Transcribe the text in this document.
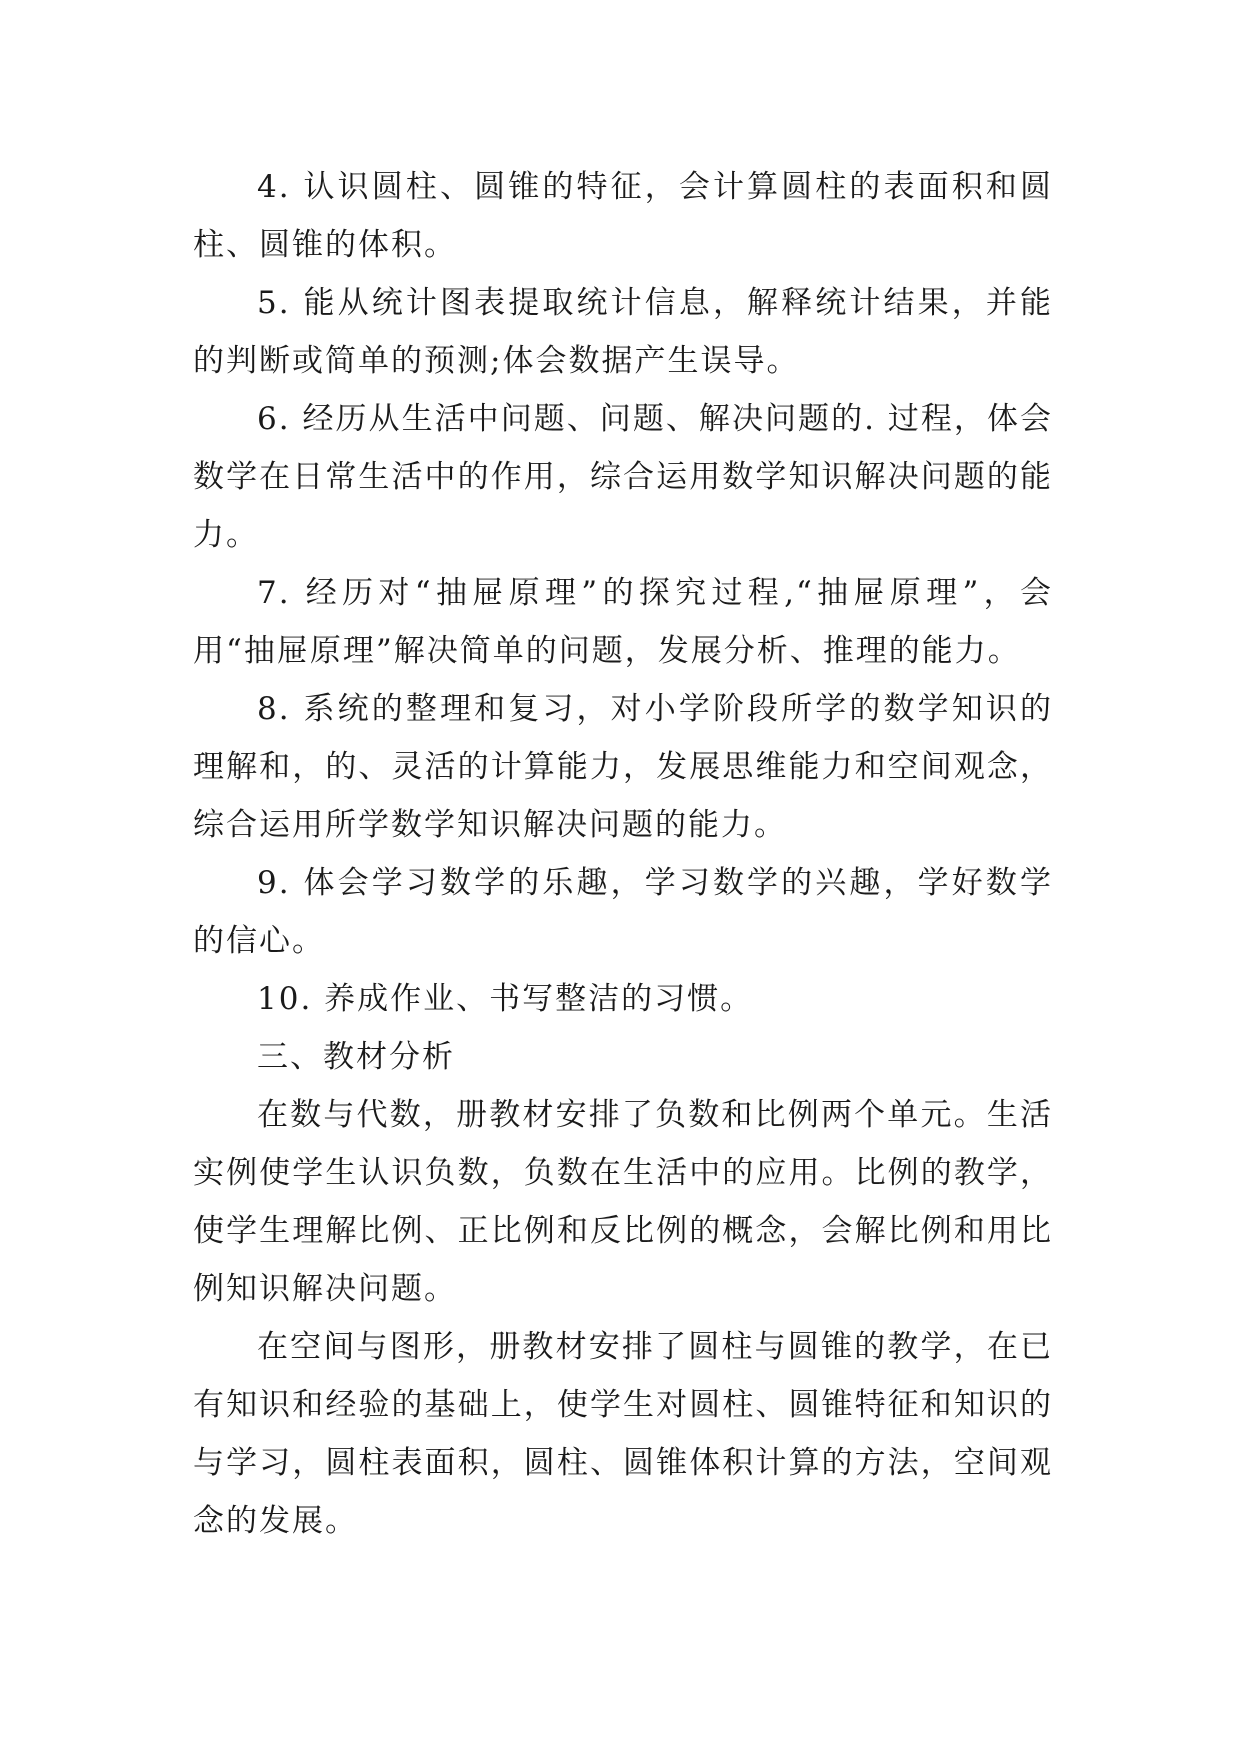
4. 认识圆柱、圆锥的特征，会计算圆柱的表面积和圆柱、圆锥的体积。

5. 能从统计图表提取统计信息，解释统计结果，并能的判断或简单的预测;体会数据产生误导。

6. 经历从生活中问题、问题、解决问题的. 过程，体会数学在日常生活中的作用，综合运用数学知识解决问题的能力。

7. 经历对“抽屉原理”的探究过程,“抽屉原理”，会用“抽屉原理”解决简单的问题，发展分析、推理的能力。

8. 系统的整理和复习，对小学阶段所学的数学知识的理解和，的、灵活的计算能力，发展思维能力和空间观念，综合运用所学数学知识解决问题的能力。

9. 体会学习数学的乐趣，学习数学的兴趣，学好数学的信心。

10. 养成作业、书写整洁的习惯。

三、教材分析

在数与代数，册教材安排了负数和比例两个单元。生活实例使学生认识负数，负数在生活中的应用。比例的教学，使学生理解比例、正比例和反比例的概念，会解比例和用比例知识解决问题。

在空间与图形，册教材安排了圆柱与圆锥的教学，在已有知识和经验的基础上，使学生对圆柱、圆锥特征和知识的与学习，圆柱表面积，圆柱、圆锥体积计算的方法，空间观念的发展。
